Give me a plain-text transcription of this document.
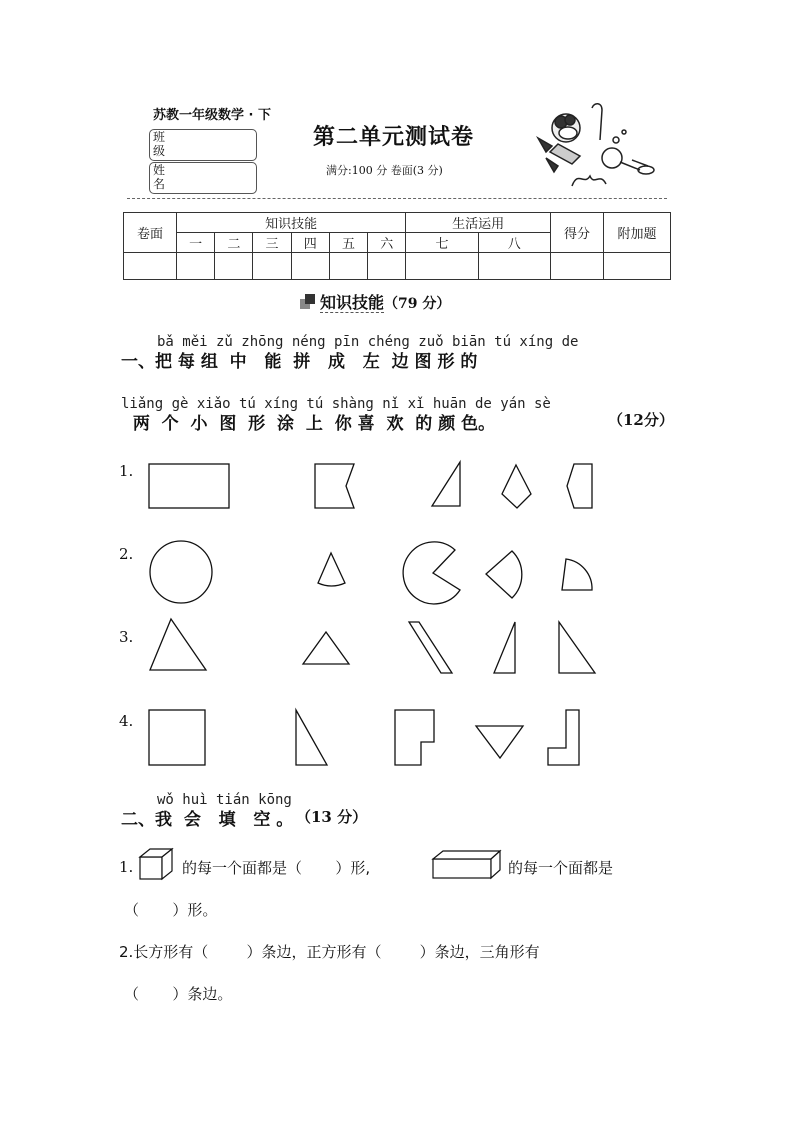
苏教一年级数学 · 下
班级
姓名
第二单元测试卷
满分:100 分 卷面(3 分)
卷面	知识技能						生活运用		得分	附加题
	一	二	三	四	五	六	七	八		

知识技能（79 分）
bǎ měi zǔ zhōng néng pīn chéng zuǒ biān tú xíng de
一、把 每 组  中   能  拼   成   左  边 图 形 的
liǎng gè xiǎo tú xíng tú shàng nǐ xǐ huān de yán sè
两  个  小  图  形  涂  上  你 喜  欢  的 颜 色。	（12分）
1.
2.
3.
4.
wǒ huì tián kōng
二、我  会   填   空 。 （13 分）
1.	的每一个面都是（       ）形,	的每一个面都是
（       ）形。
2.长方形有（        ）条边，正方形有（        ）条边，三角形有
（       ）条边。
